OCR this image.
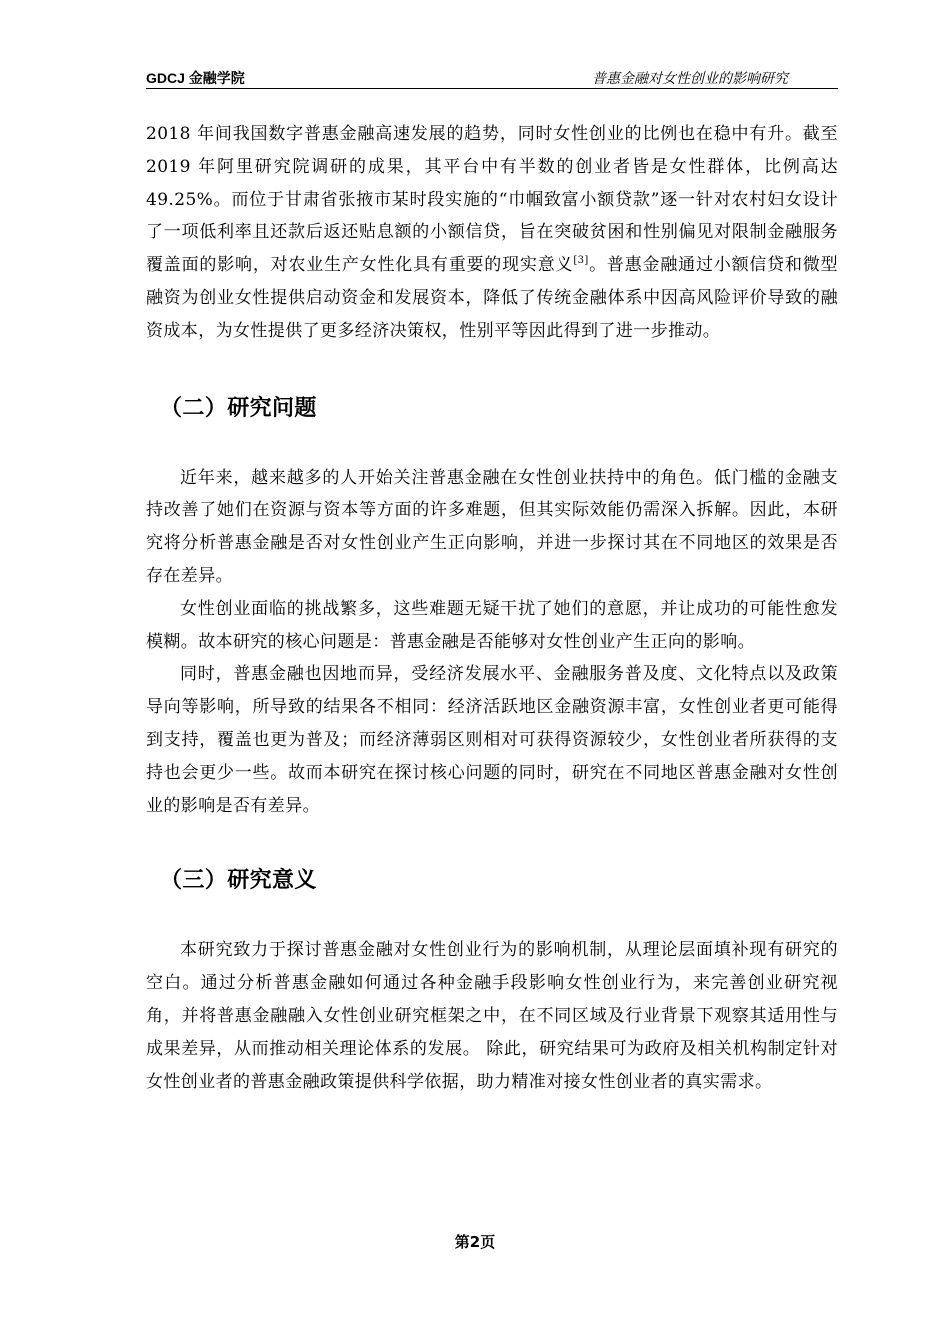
GDCJ 金融学院	普惠金融对女性创业的影响研究

2018 年间我国数字普惠金融高速发展的趋势，同时女性创业的比例也在稳中有升。截至 2019 年阿里研究院调研的成果，其平台中有半数的创业者皆是女性群体，比例高达 49.25%。而位于甘肃省张掖市某时段实施的“巾帼致富小额贷款”逐一针对农村妇女设计了一项低利率且还款后返还贴息额的小额信贷，旨在突破贫困和性别偏见对限制金融服务覆盖面的影响，对农业生产女性化具有重要的现实意义[3]。普惠金融通过小额信贷和微型融资为创业女性提供启动资金和发展资本，降低了传统金融体系中因高风险评价导致的融资成本，为女性提供了更多经济决策权，性别平等因此得到了进一步推动。

（二）研究问题

近年来，越来越多的人开始关注普惠金融在女性创业扶持中的角色。低门槛的金融支持改善了她们在资源与资本等方面的许多难题，但其实际效能仍需深入拆解。因此，本研究将分析普惠金融是否对女性创业产生正向影响，并进一步探讨其在不同地区的效果是否存在差异。

女性创业面临的挑战繁多，这些难题无疑干扰了她们的意愿，并让成功的可能性愈发模糊。故本研究的核心问题是：普惠金融是否能够对女性创业产生正向的影响。

同时，普惠金融也因地而异，受经济发展水平、金融服务普及度、文化特点以及政策导向等影响，所导致的结果各不相同：经济活跃地区金融资源丰富，女性创业者更可能得到支持，覆盖也更为普及；而经济薄弱区则相对可获得资源较少，女性创业者所获得的支持也会更少一些。故而本研究在探讨核心问题的同时，研究在不同地区普惠金融对女性创业的影响是否有差异。

（三）研究意义

本研究致力于探讨普惠金融对女性创业行为的影响机制，从理论层面填补现有研究的空白。通过分析普惠金融如何通过各种金融手段影响女性创业行为，来完善创业研究视角，并将普惠金融融入女性创业研究框架之中，在不同区域及行业背景下观察其适用性与成果差异，从而推动相关理论体系的发展。 除此，研究结果可为政府及相关机构制定针对女性创业者的普惠金融政策提供科学依据，助力精准对接女性创业者的真实需求。

第2页
